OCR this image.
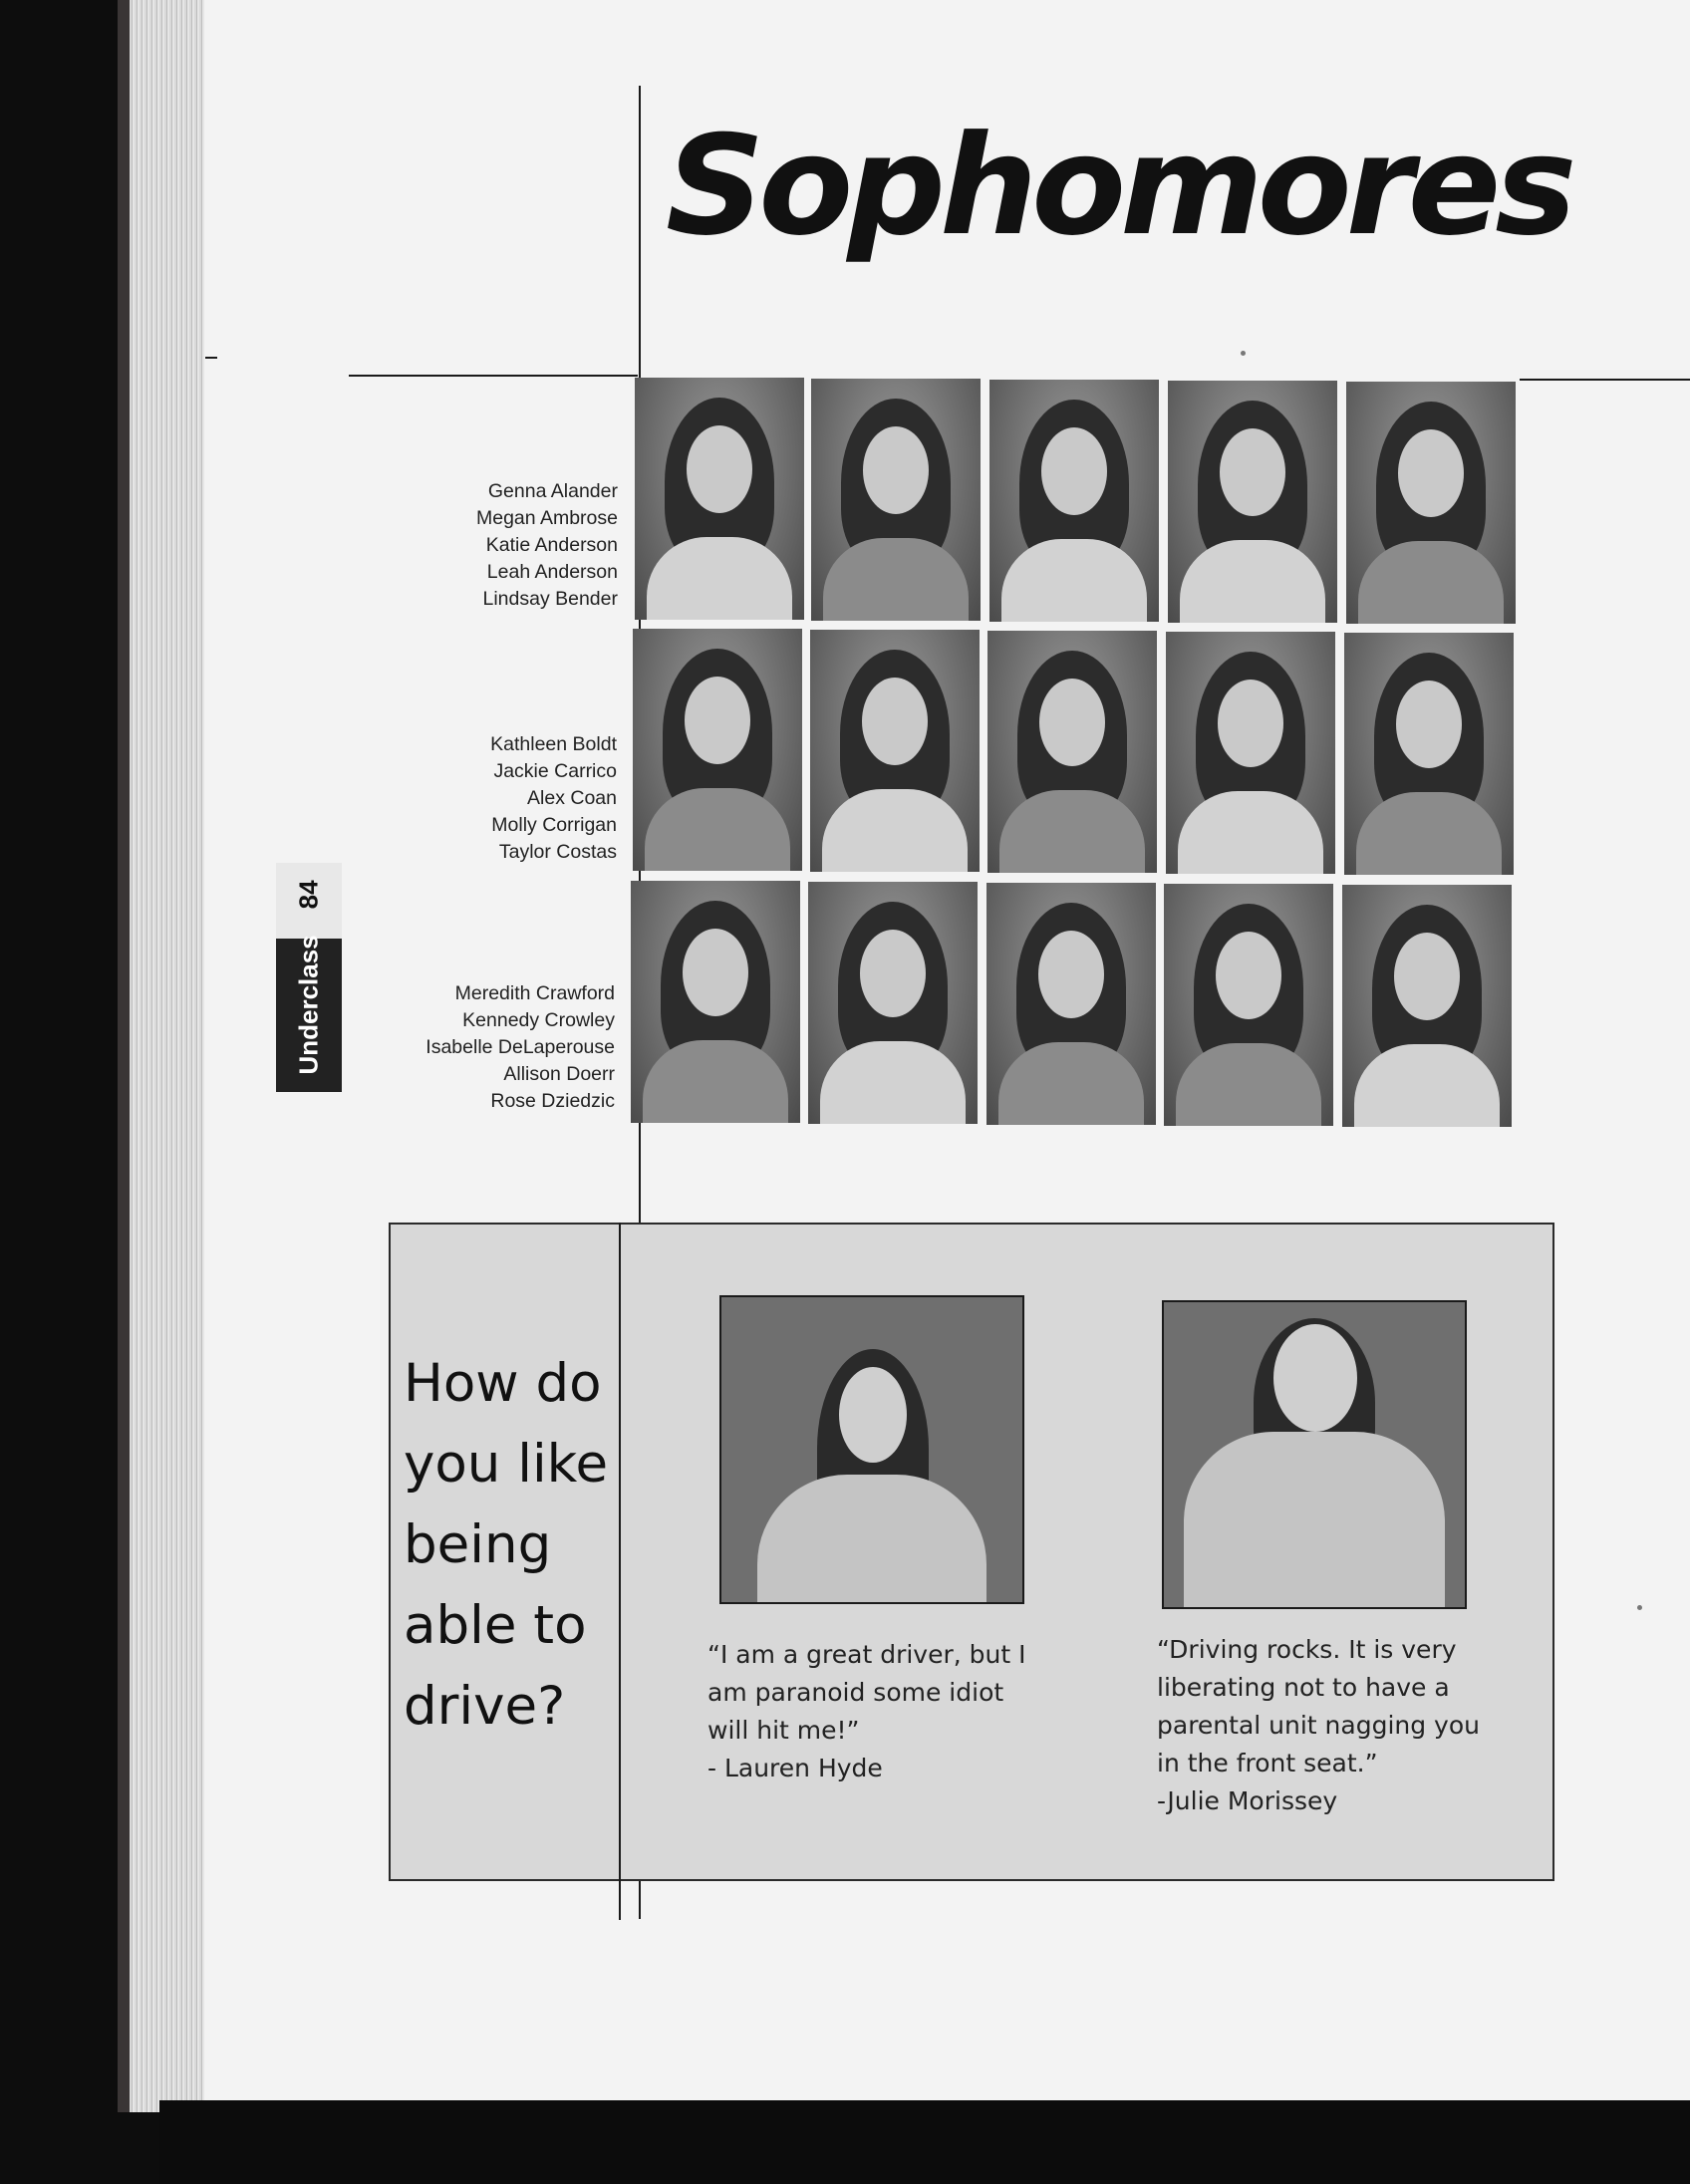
Sophomores
Underclass84
Genna Alander
Megan Ambrose
Katie Anderson
Leah Anderson
Lindsay Bender
Kathleen Boldt
Jackie Carrico
Alex Coan
Molly Corrigan
Taylor Costas
Meredith Crawford
Kennedy Crowley
Isabelle DeLaperouse
Allison Doerr
Rose Dziedzic
How do you like being able to drive?

“I am a great driver, but I am paranoid some idiot will hit me!”
- Lauren Hyde

“Driving rocks. It is very liberating not to have a parental unit nagging you in the front seat.”
-Julie Morissey
